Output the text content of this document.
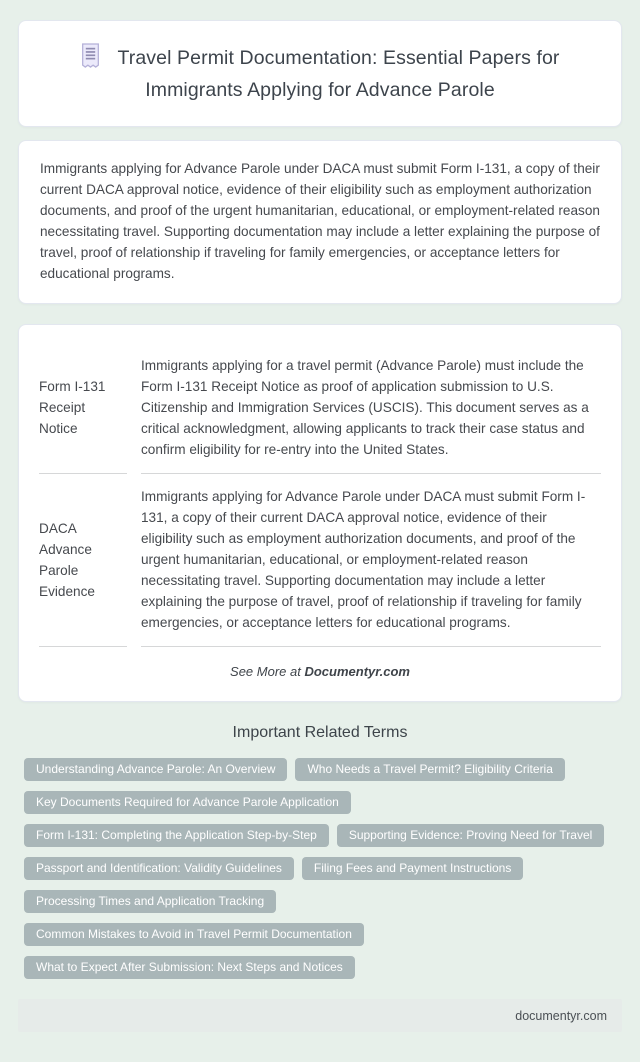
Travel Permit Documentation: Essential Papers for Immigrants Applying for Advance Parole

Immigrants applying for Advance Parole under DACA must submit Form I-131, a copy of their current DACA approval notice, evidence of their eligibility such as employment authorization documents, and proof of the urgent humanitarian, educational, or employment-related reason necessitating travel. Supporting documentation may include a letter explaining the purpose of travel, proof of relationship if traveling for family emergencies, or acceptance letters for educational programs.

Form I-131 Receipt Notice	Immigrants applying for a travel permit (Advance Parole) must include the Form I-131 Receipt Notice as proof of application submission to U.S. Citizenship and Immigration Services (USCIS). This document serves as a critical acknowledgment, allowing applicants to track their case status and confirm eligibility for re-entry into the United States.
DACA Advance Parole Evidence	Immigrants applying for Advance Parole under DACA must submit Form I-131, a copy of their current DACA approval notice, evidence of their eligibility such as employment authorization documents, and proof of the urgent humanitarian, educational, or employment-related reason necessitating travel. Supporting documentation may include a letter explaining the purpose of travel, proof of relationship if traveling for family emergencies, or acceptance letters for educational programs.

See More at Documentyr.com

Important Related Terms
Understanding Advance Parole: An Overview	Who Needs a Travel Permit? Eligibility Criteria
Key Documents Required for Advance Parole Application
Form I-131: Completing the Application Step-by-Step	Supporting Evidence: Proving Need for Travel
Passport and Identification: Validity Guidelines	Filing Fees and Payment Instructions
Processing Times and Application Tracking
Common Mistakes to Avoid in Travel Permit Documentation
What to Expect After Submission: Next Steps and Notices
documentyr.com
